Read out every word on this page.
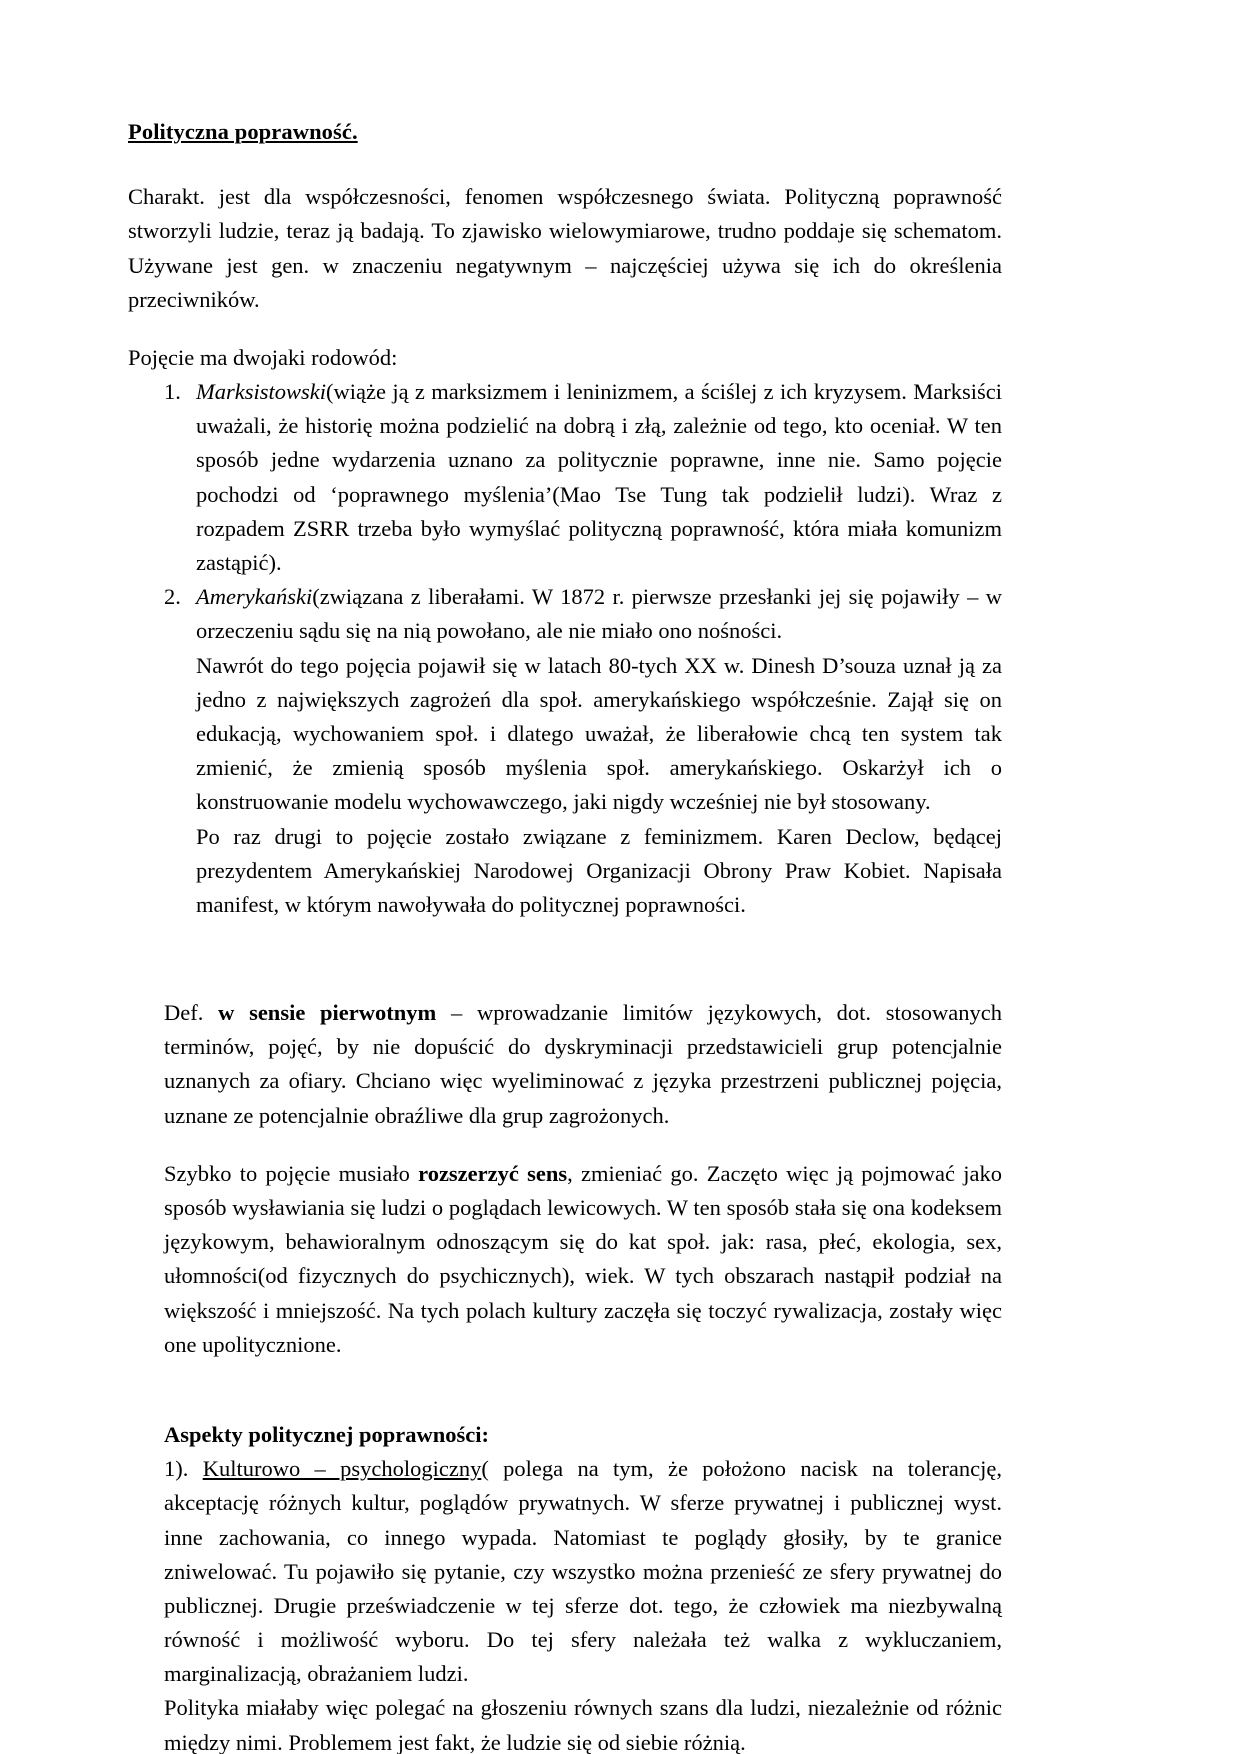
Polityczna poprawność.

Charakt. jest dla współczesności, fenomen współczesnego świata. Polityczną poprawność stworzyli ludzie, teraz ją badają. To zjawisko wielowymiarowe, trudno poddaje się schematom. Używane jest gen. w znaczeniu negatywnym – najczęściej używa się ich do określenia przeciwników.

Pojęcie ma dwojaki rodowód:

Marksistowski(wiąże ją z marksizmem i leninizmem, a ściślej z ich kryzysem. Marksiści uważali, że historię można podzielić na dobrą i złą, zależnie od tego, kto oceniał. W ten sposób jedne wydarzenia uznano za politycznie poprawne, inne nie. Samo pojęcie pochodzi od ‘poprawnego myślenia’(Mao Tse Tung tak podzielił ludzi). Wraz z rozpadem ZSRR trzeba było wymyślać polityczną poprawność, która miała komunizm zastąpić).
Amerykański(związana z liberałami. W 1872 r. pierwsze przesłanki jej się pojawiły – w orzeczeniu sądu się na nią powołano, ale nie miało ono nośności.
Nawrót do tego pojęcia pojawił się w latach 80-tych XX w. Dinesh D’souza uznał ją za jedno z największych zagrożeń dla społ. amerykańskiego współcześnie. Zajął się on edukacją, wychowaniem społ. i dlatego uważał, że liberałowie chcą ten system tak zmienić, że zmienią sposób myślenia społ. amerykańskiego. Oskarżył ich o konstruowanie modelu wychowawczego, jaki nigdy wcześniej nie był stosowany.
Po raz drugi to pojęcie zostało związane z feminizmem. Karen Declow, będącej prezydentem Amerykańskiej Narodowej Organizacji Obrony Praw Kobiet. Napisała manifest, w którym nawoływała do politycznej poprawności.

Def. w sensie pierwotnym – wprowadzanie limitów językowych, dot. stosowanych terminów, pojęć, by nie dopuścić do dyskryminacji przedstawicieli grup potencjalnie uznanych za ofiary. Chciano więc wyeliminować z języka przestrzeni publicznej pojęcia, uznane ze potencjalnie obraźliwe dla grup zagrożonych.

Szybko to pojęcie musiało rozszerzyć sens, zmieniać go. Zaczęto więc ją pojmować jako sposób wysławiania się ludzi o poglądach lewicowych. W ten sposób stała się ona kodeksem językowym, behawioralnym odnoszącym się do kat społ. jak: rasa, płeć, ekologia, sex, ułomności(od fizycznych do psychicznych), wiek. W tych obszarach nastąpił podział na większość i mniejszość. Na tych polach kultury zaczęła się toczyć rywalizacja, zostały więc one upolitycznione.

Aspekty politycznej poprawności:

1). Kulturowo – psychologiczny( polega na tym, że położono nacisk na tolerancję, akceptację różnych kultur, poglądów prywatnych. W sferze prywatnej i publicznej wyst. inne zachowania, co innego wypada. Natomiast te poglądy głosiły, by te granice zniwelować. Tu pojawiło się pytanie, czy wszystko można przenieść ze sfery prywatnej do publicznej. Drugie przeświadczenie w tej sferze dot. tego, że człowiek ma niezbywalną równość i możliwość wyboru. Do tej sfery należała też walka z wykluczaniem, marginalizacją, obrażaniem ludzi.

Polityka miałaby więc polegać na głoszeniu równych szans dla ludzi, niezależnie od różnic między nimi. Problemem jest fakt, że ludzie się od siebie różnią.
